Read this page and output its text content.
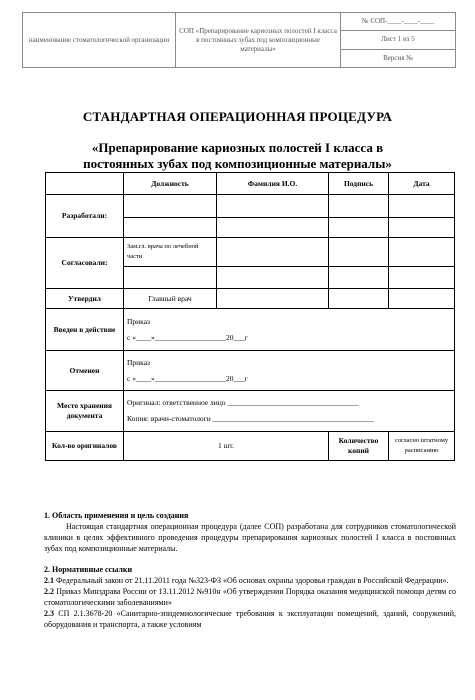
наименование стоматологической организации	СОП «Препарирование кариозных полостей I класса в постоянных зубах под композиционные материалы»	№ СОП-____-____-____
Лист 1 из 5
Версия №
СТАНДАРТНАЯ ОПЕРАЦИОННАЯ ПРОЦЕДУРА
«Препарирование кариозных полостей I класса в
постоянных зубах под композиционные материалы»
	Должность	Фамилия И.О.	Подпись	Дата
Разработали:				

Согласовали:	Зам.гл. врача по лечебной части			

Утвердил	Главный врач			
Введен в действие	Приказ
с «____»___________________20___г			

Отменен	Приказ
с «____»___________________20___г			

Место хранения документа	Оригинал: ответственное лицо ___________________________________
Копия: врачи-стоматологи ___________________________________________			

Кол-во оригиналов	1 шт.		Количество копий	согласно штатному расписанию

1. Область применения и цель создания

Настоящая стандартная операционная процедура (далее СОП) разработана для сотрудников стоматологической клиники в целях эффективного проведения процедуры препарирования кариозных полостей I класса в постоянных зубах под композиционные материалы.

2. Нормативные ссылки

2.1 Федеральный закон от 21.11.2011 года №323-ФЗ «Об основах охраны здоровья граждан в Российской Федерации».

2.2 Приказ Минздрава России от 13.11.2012 №910н «Об утверждении Порядка оказания медицинской помощи детям со стоматологическими заболеваниями»

2.3 СП 2.1.3678-20 «Санитарно-эпидемиологические требования к эксплуатации помещений, зданий, сооружений, оборудования и транспорта, а также условиям
